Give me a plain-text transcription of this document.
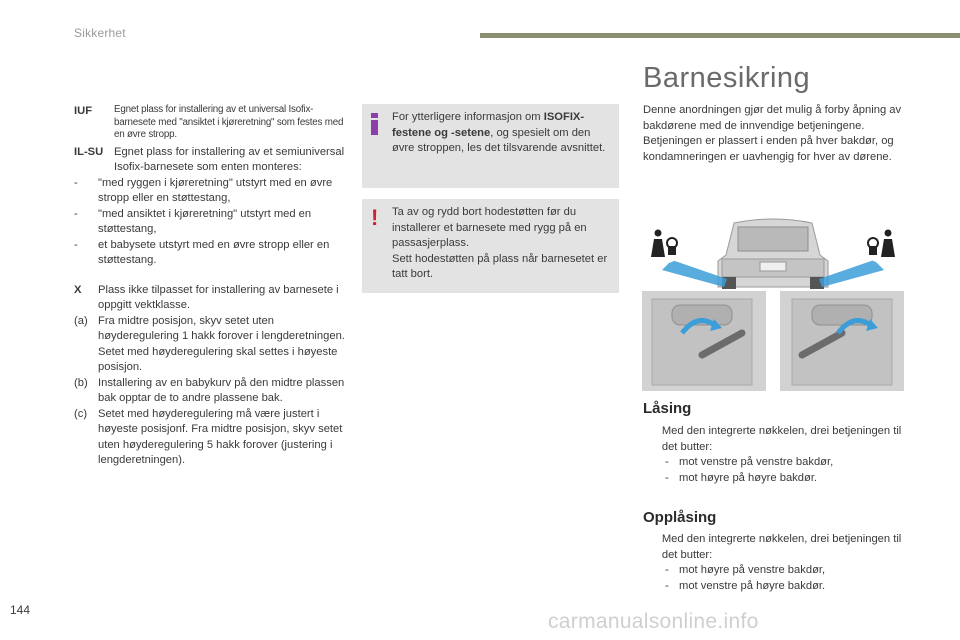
Sikkerhet
IUF	Egnet plass for installering av et universal Isofix-barnesete med "ansiktet i kjøreretning" som festes med en øvre stropp.
IL-SU Egnet plass for installering av et semiuniversal Isofix-barnesete som enten monteres:
- "med ryggen i kjøreretning" utstyrt med en øvre stropp eller en støttestang,
- "med ansiktet i kjøreretning" utstyrt med en støttestang,
- et babysete utstyrt med en øvre stropp eller en støttestang.
X	Plass ikke tilpasset for installering av barnesete i oppgitt vektklasse.
(a) Fra midtre posisjon, skyv setet uten høyderegulering 1 hakk forover i lengderetningen. Setet med høyderegulering skal settes i høyeste posisjon.
(b) Installering av en babykurv på den midtre plassen bak opptar de to andre plassene bak.
(c) Setet med høyderegulering må være justert i høyeste posisjonf. Fra midtre posisjon, skyv setet uten høyderegulering 5 hakk forover (justering i lengderetningen).
For ytterligere informasjon om ISOFIX-festene og -setene, og spesielt om den øvre stroppen, les det tilsvarende avsnittet.
! Ta av og rydd bort hodestøtten før du installerer et barnesete med rygg på en passasjerplass.
Sett hodestøtten på plass når barnesetet er tatt bort.
Barnesikring
Denne anordningen gjør det mulig å forby åpning av bakdørene med de innvendige betjeningene.
Betjeningen er plassert i enden på hver bakdør, og kondamneringen er uavhengig for hver av dørene.
Låsing
Med den integrerte nøkkelen, drei betjeningen til det butter:
- mot venstre på venstre bakdør,
- mot høyre på høyre bakdør.
Opplåsing
Med den integrerte nøkkelen, drei betjeningen til det butter:
- mot høyre på venstre bakdør,
- mot venstre på høyre bakdør.
144	carmanualsonline.info
